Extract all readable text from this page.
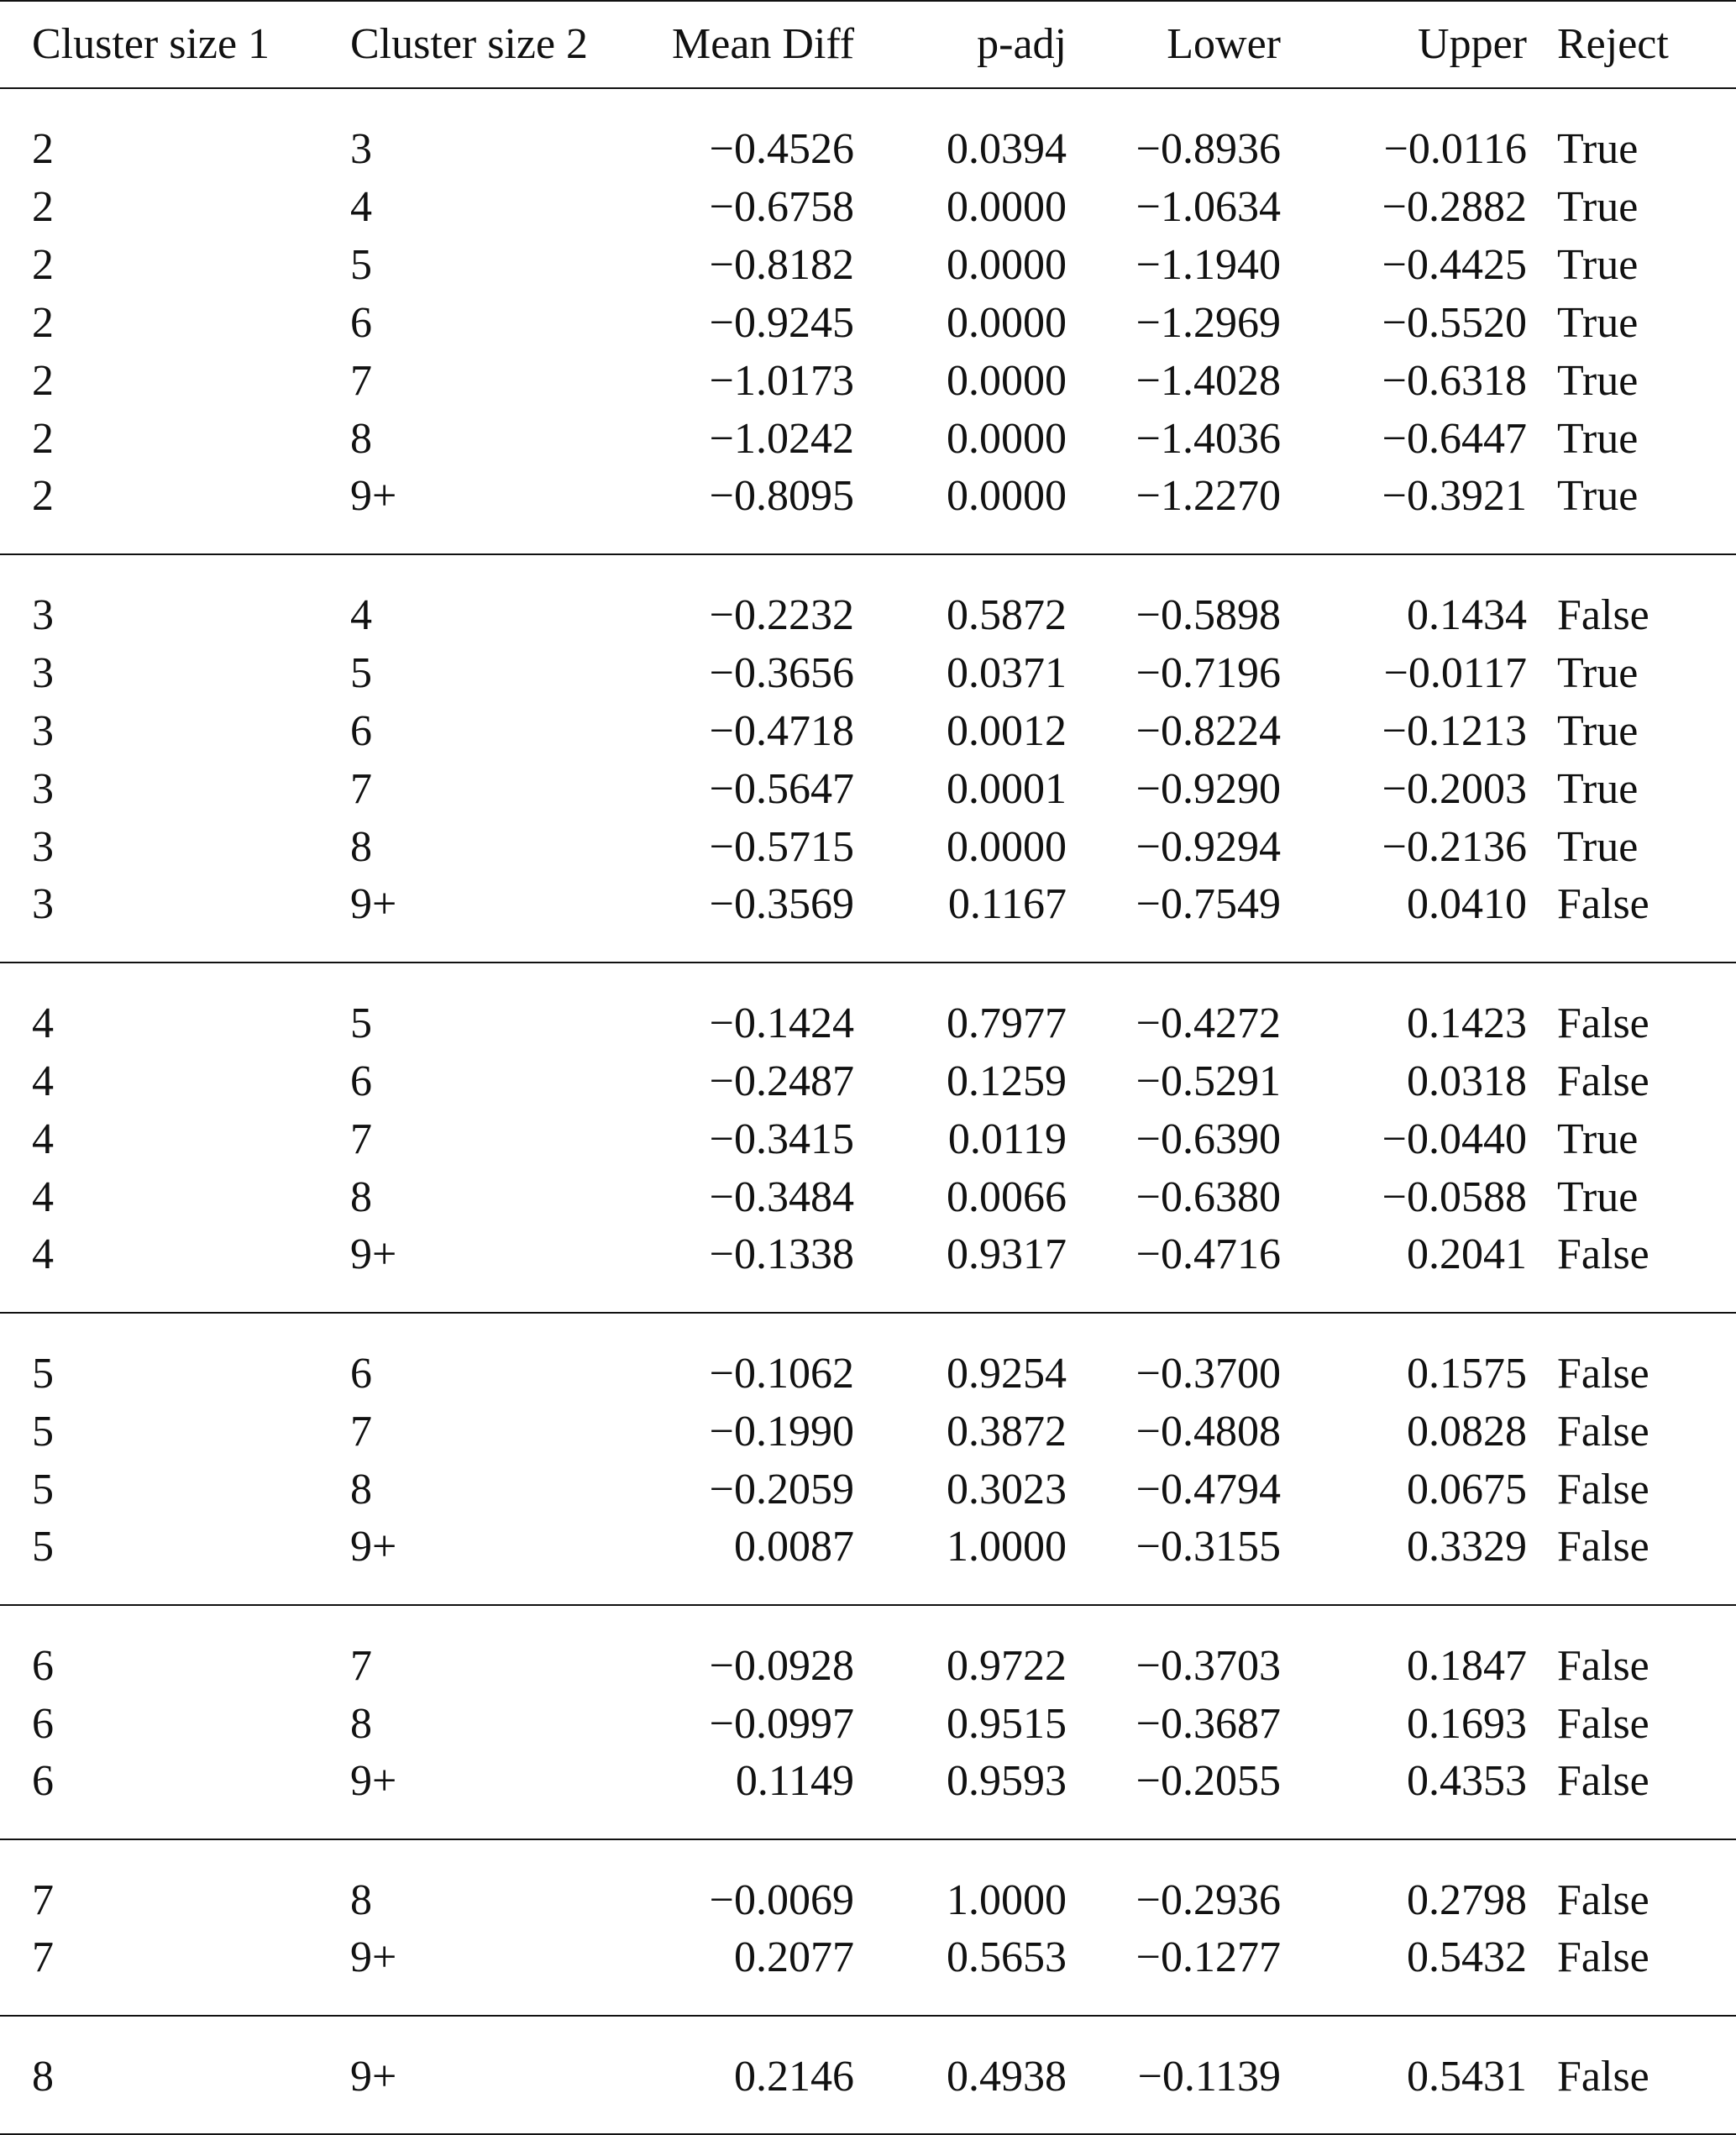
Cluster size 1	Cluster size 2	Mean Diff	p-adj	Lower	Upper	Reject
2	3	−0.4526	0.0394	−0.8936	−0.0116	True
2	4	−0.6758	0.0000	−1.0634	−0.2882	True
2	5	−0.8182	0.0000	−1.1940	−0.4425	True
2	6	−0.9245	0.0000	−1.2969	−0.5520	True
2	7	−1.0173	0.0000	−1.4028	−0.6318	True
2	8	−1.0242	0.0000	−1.4036	−0.6447	True
2	9+	−0.8095	0.0000	−1.2270	−0.3921	True
3	4	−0.2232	0.5872	−0.5898	0.1434	False
3	5	−0.3656	0.0371	−0.7196	−0.0117	True
3	6	−0.4718	0.0012	−0.8224	−0.1213	True
3	7	−0.5647	0.0001	−0.9290	−0.2003	True
3	8	−0.5715	0.0000	−0.9294	−0.2136	True
3	9+	−0.3569	0.1167	−0.7549	0.0410	False
4	5	−0.1424	0.7977	−0.4272	0.1423	False
4	6	−0.2487	0.1259	−0.5291	0.0318	False
4	7	−0.3415	0.0119	−0.6390	−0.0440	True
4	8	−0.3484	0.0066	−0.6380	−0.0588	True
4	9+	−0.1338	0.9317	−0.4716	0.2041	False
5	6	−0.1062	0.9254	−0.3700	0.1575	False
5	7	−0.1990	0.3872	−0.4808	0.0828	False
5	8	−0.2059	0.3023	−0.4794	0.0675	False
5	9+	0.0087	1.0000	−0.3155	0.3329	False
6	7	−0.0928	0.9722	−0.3703	0.1847	False
6	8	−0.0997	0.9515	−0.3687	0.1693	False
6	9+	0.1149	0.9593	−0.2055	0.4353	False
7	8	−0.0069	1.0000	−0.2936	0.2798	False
7	9+	0.2077	0.5653	−0.1277	0.5432	False
8	9+	0.2146	0.4938	−0.1139	0.5431	False
